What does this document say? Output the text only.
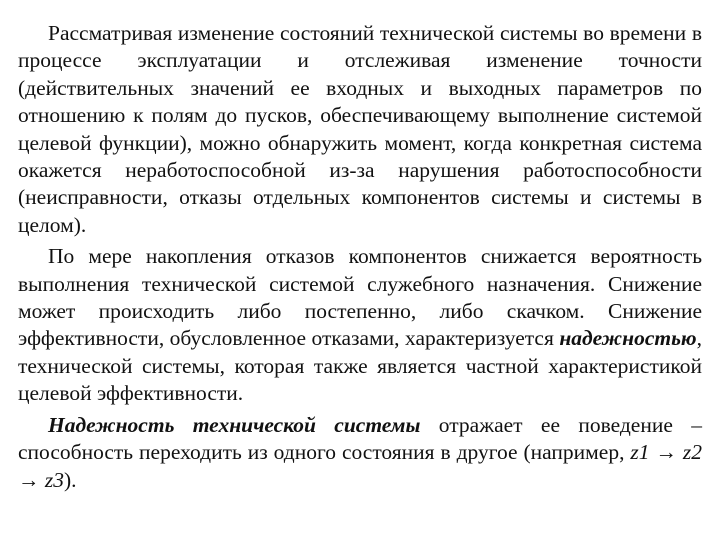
Рассматривая изменение состояний технической системы во времени в процессе эксплуатации и отслеживая изменение точности (действительных значений ее входных и выходных параметров по отношению к полям до пусков, обеспечивающему выполнение системой целевой функции), можно обнаружить момент, когда конкретная система окажется неработоспособной из-за нарушения работоспособности (неисправности, отказы отдельных компонентов системы и системы в целом).

По мере накопления отказов компонентов снижается вероятность выполнения технической системой служебного назначения. Снижение может происходить либо постепенно, либо скачком. Снижение эффективности, обусловленное отказами, характеризуется надежностью, технической системы, которая также является частной характеристикой целевой эффективности.

Надежность технической системы отражает ее поведение – способность переходить из одного состояния в другое (например, z1 → z2 → z3).
